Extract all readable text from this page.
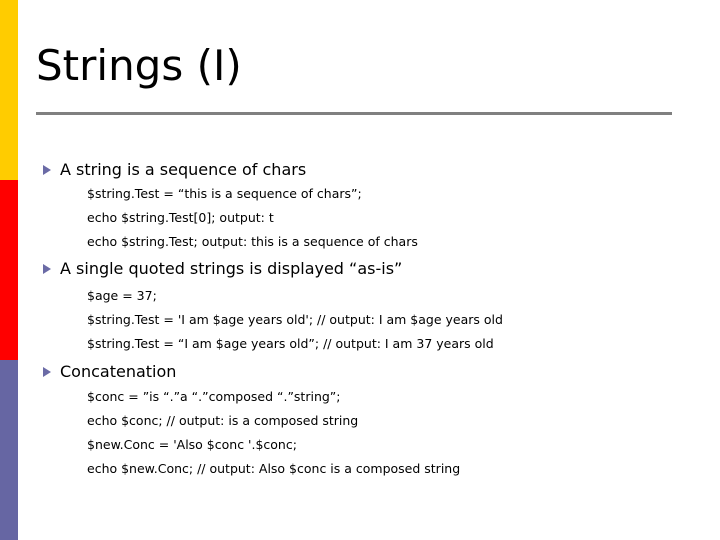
Strings (I)
A string is a sequence of chars
$string.Test = “this is a sequence of chars”;
echo $string.Test[0]; output: t
echo $string.Test; output: this is a sequence of chars
A single quoted strings is displayed “as-is”
$age = 37;
$string.Test = 'I am $age years old'; // output: I am $age years old
$string.Test = “I am $age years old”; // output: I am 37 years old
Concatenation
$conc = ”is “.”a “.”composed “.”string”;
echo $conc; // output: is a composed string
$new.Conc = 'Also $conc '.$conc;
echo $new.Conc; // output: Also $conc is a composed string
